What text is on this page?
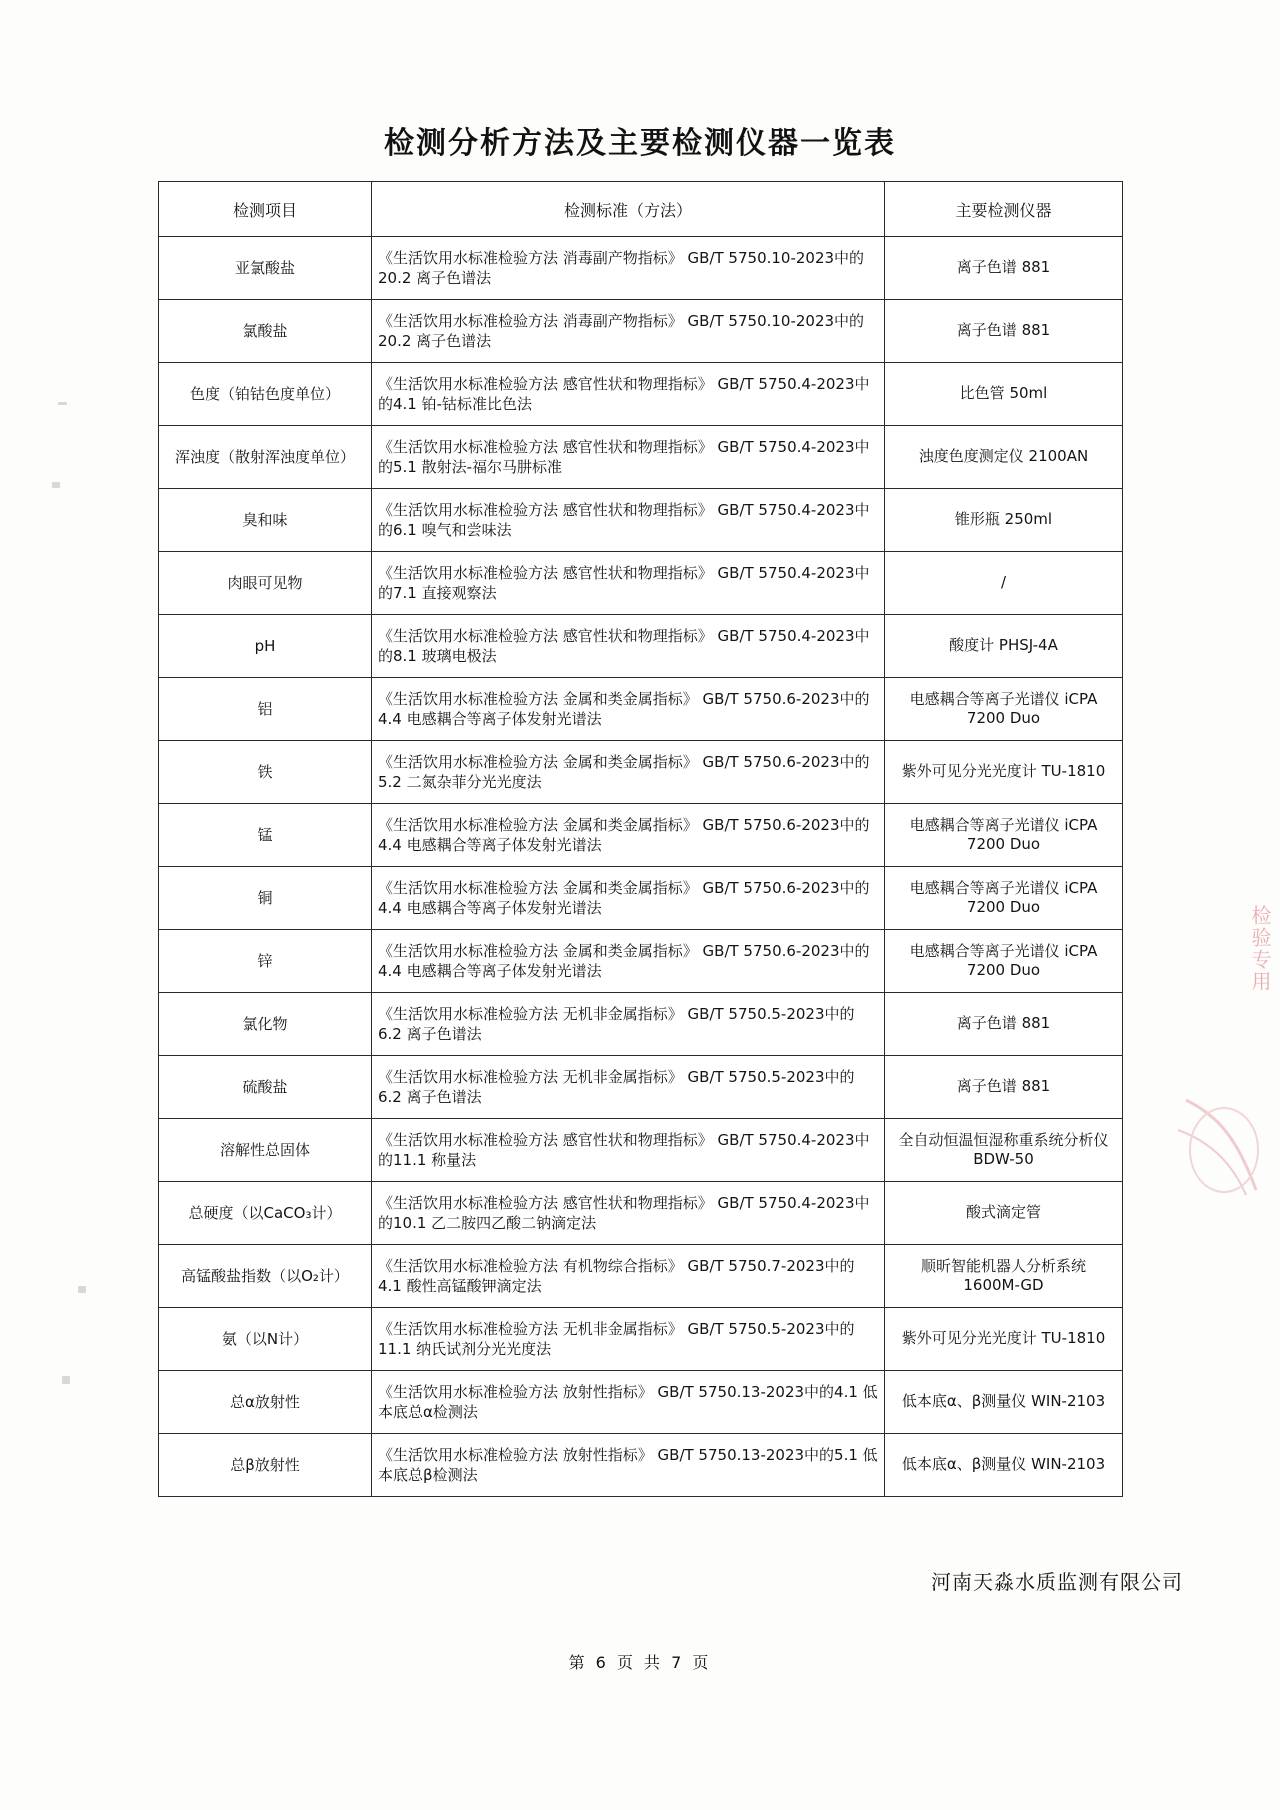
检验专用
检测分析方法及主要检测仪器一览表
检测项目	检测标准（方法）	主要检测仪器
亚氯酸盐	《生活饮用水标准检验方法 消毒副产物指标》 GB/T 5750.10-2023中的20.2 离子色谱法	离子色谱 881
氯酸盐	《生活饮用水标准检验方法 消毒副产物指标》 GB/T 5750.10-2023中的20.2 离子色谱法	离子色谱 881
色度（铂钴色度单位）	《生活饮用水标准检验方法 感官性状和物理指标》 GB/T 5750.4-2023中的4.1 铂-钴标准比色法	比色管 50ml
浑浊度（散射浑浊度单位）	《生活饮用水标准检验方法 感官性状和物理指标》 GB/T 5750.4-2023中的5.1 散射法-福尔马肼标准	浊度色度测定仪 2100AN
臭和味	《生活饮用水标准检验方法 感官性状和物理指标》 GB/T 5750.4-2023中的6.1 嗅气和尝味法	锥形瓶 250ml
肉眼可见物	《生活饮用水标准检验方法 感官性状和物理指标》 GB/T 5750.4-2023中的7.1 直接观察法	/
pH	《生活饮用水标准检验方法 感官性状和物理指标》 GB/T 5750.4-2023中的8.1 玻璃电极法	酸度计 PHSJ-4A
铝	《生活饮用水标准检验方法 金属和类金属指标》 GB/T 5750.6-2023中的4.4 电感耦合等离子体发射光谱法	电感耦合等离子光谱仪 iCPA 7200 Duo
铁	《生活饮用水标准检验方法 金属和类金属指标》 GB/T 5750.6-2023中的5.2 二氮杂菲分光光度法	紫外可见分光光度计 TU-1810
锰	《生活饮用水标准检验方法 金属和类金属指标》 GB/T 5750.6-2023中的4.4 电感耦合等离子体发射光谱法	电感耦合等离子光谱仪 iCPA 7200 Duo
铜	《生活饮用水标准检验方法 金属和类金属指标》 GB/T 5750.6-2023中的4.4 电感耦合等离子体发射光谱法	电感耦合等离子光谱仪 iCPA 7200 Duo
锌	《生活饮用水标准检验方法 金属和类金属指标》 GB/T 5750.6-2023中的4.4 电感耦合等离子体发射光谱法	电感耦合等离子光谱仪 iCPA 7200 Duo
氯化物	《生活饮用水标准检验方法 无机非金属指标》 GB/T 5750.5-2023中的6.2 离子色谱法	离子色谱 881
硫酸盐	《生活饮用水标准检验方法 无机非金属指标》 GB/T 5750.5-2023中的6.2 离子色谱法	离子色谱 881
溶解性总固体	《生活饮用水标准检验方法 感官性状和物理指标》 GB/T 5750.4-2023中的11.1 称量法	全自动恒温恒湿称重系统分析仪 BDW-50
总硬度（以CaCO₃计）	《生活饮用水标准检验方法 感官性状和物理指标》 GB/T 5750.4-2023中的10.1 乙二胺四乙酸二钠滴定法	酸式滴定管
高锰酸盐指数（以O₂计）	《生活饮用水标准检验方法 有机物综合指标》 GB/T 5750.7-2023中的4.1 酸性高锰酸钾滴定法	顺昕智能机器人分析系统 1600M-GD
氨（以N计）	《生活饮用水标准检验方法 无机非金属指标》 GB/T 5750.5-2023中的11.1 纳氏试剂分光光度法	紫外可见分光光度计 TU-1810
总α放射性	《生活饮用水标准检验方法 放射性指标》 GB/T 5750.13-2023中的4.1 低本底总α检测法	低本底α、β测量仪 WIN-2103
总β放射性	《生活饮用水标准检验方法 放射性指标》 GB/T 5750.13-2023中的5.1 低本底总β检测法	低本底α、β测量仪 WIN-2103
河南天淼水质监测有限公司
第 6 页 共 7 页
